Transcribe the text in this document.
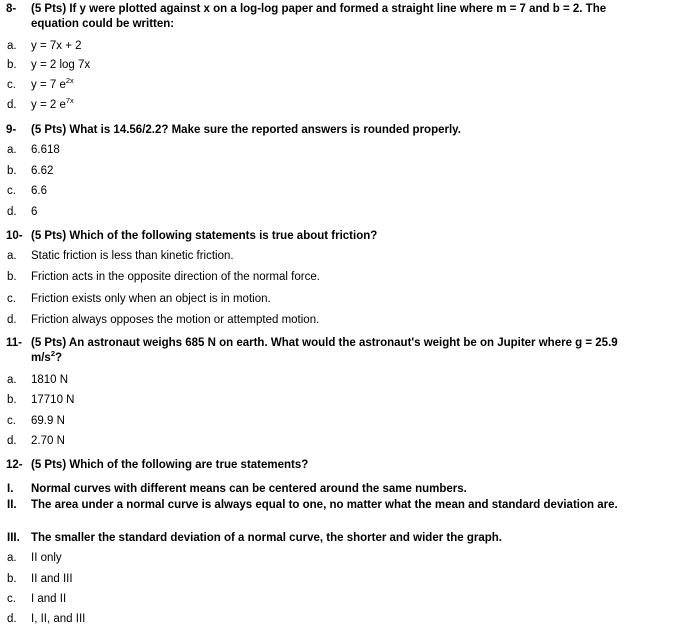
8-	(5 Pts) If y were plotted against x on a log-log paper and formed a straight line where m = 7 and b = 2. The equation could be written:
a.	y = 7x + 2
b.	y = 2 log 7x
c.	y = 7 $e^{2x}$
d.	y = 2 $e^{7x}$
9-	(5 Pts) What is 14.56/2.2? Make sure the reported answers is rounded properly.
a.	6.618
b.	6.62
c.	6.6
d.	6
10- (5 Pts) Which of the following statements is true about friction?
a.	Static friction is less than kinetic friction.
b.	Friction acts in the opposite direction of the normal force.
c.	Friction exists only when an object is in motion.
d.	Friction always opposes the motion or attempted motion.
11- (5 Pts) An astronaut weighs 685 N on earth. What would the astronaut's weight be on Jupiter where g = 25.9
$m/s^2$?
a.	1810 N
b.	17710 N
c.	69.9 N
d.	2.70 N
12- (5 Pts) Which of the following are true statements?
I.	Normal curves with different means can be centered around the same numbers.
II.	The area under a normal curve is always equal to one, no matter what the mean and standard deviation are.
III. The smaller the standard deviation of a normal curve, the shorter and wider the graph.
a.	II only
b.	II and III
c.	I and II
d.	I, II, and III
